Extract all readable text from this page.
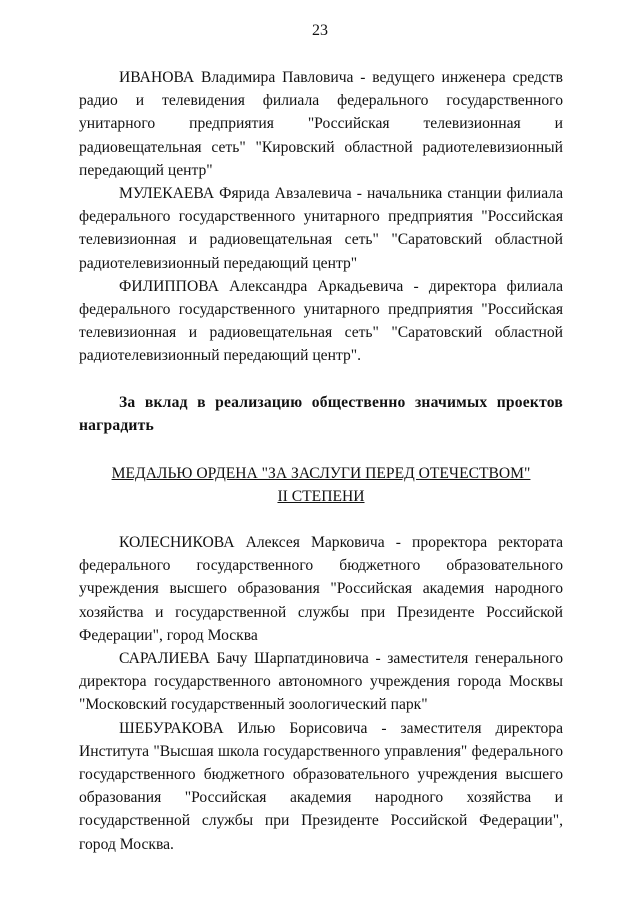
23

ИВАНОВА Владимира Павловича - ведущего инженера средств радио и телевидения филиала федерального государственного унитарного предприятия "Российская телевизионная и радиовещательная сеть" "Кировский областной радиотелевизионный передающий центр"

МУЛЕКАЕВА Фярида Авзалевича - начальника станции филиала федерального государственного унитарного предприятия "Российская телевизионная и радиовещательная сеть" "Саратовский областной радиотелевизионный передающий центр"

ФИЛИППОВА Александра Аркадьевича - директора филиала федерального государственного унитарного предприятия "Российская телевизионная и радиовещательная сеть" "Саратовский областной радиотелевизионный передающий центр".

За вклад в реализацию общественно значимых проектов наградить

МЕДАЛЬЮ ОРДЕНА "ЗА ЗАСЛУГИ ПЕРЕД ОТЕЧЕСТВОМ"
II СТЕПЕНИ

КОЛЕСНИКОВА Алексея Марковича - проректора ректората федерального государственного бюджетного образовательного учреждения высшего образования "Российская академия народного хозяйства и государственной службы при Президенте Российской Федерации", город Москва

САРАЛИЕВА Бачу Шарпатдиновича - заместителя генерального директора государственного автономного учреждения города Москвы "Московский государственный зоологический парк"

ШЕБУРАКОВА Илью Борисовича - заместителя директора Института "Высшая школа государственного управления" федерального государственного бюджетного образовательного учреждения высшего образования "Российская академия народного хозяйства и государственной службы при Президенте Российской Федерации", город Москва.
